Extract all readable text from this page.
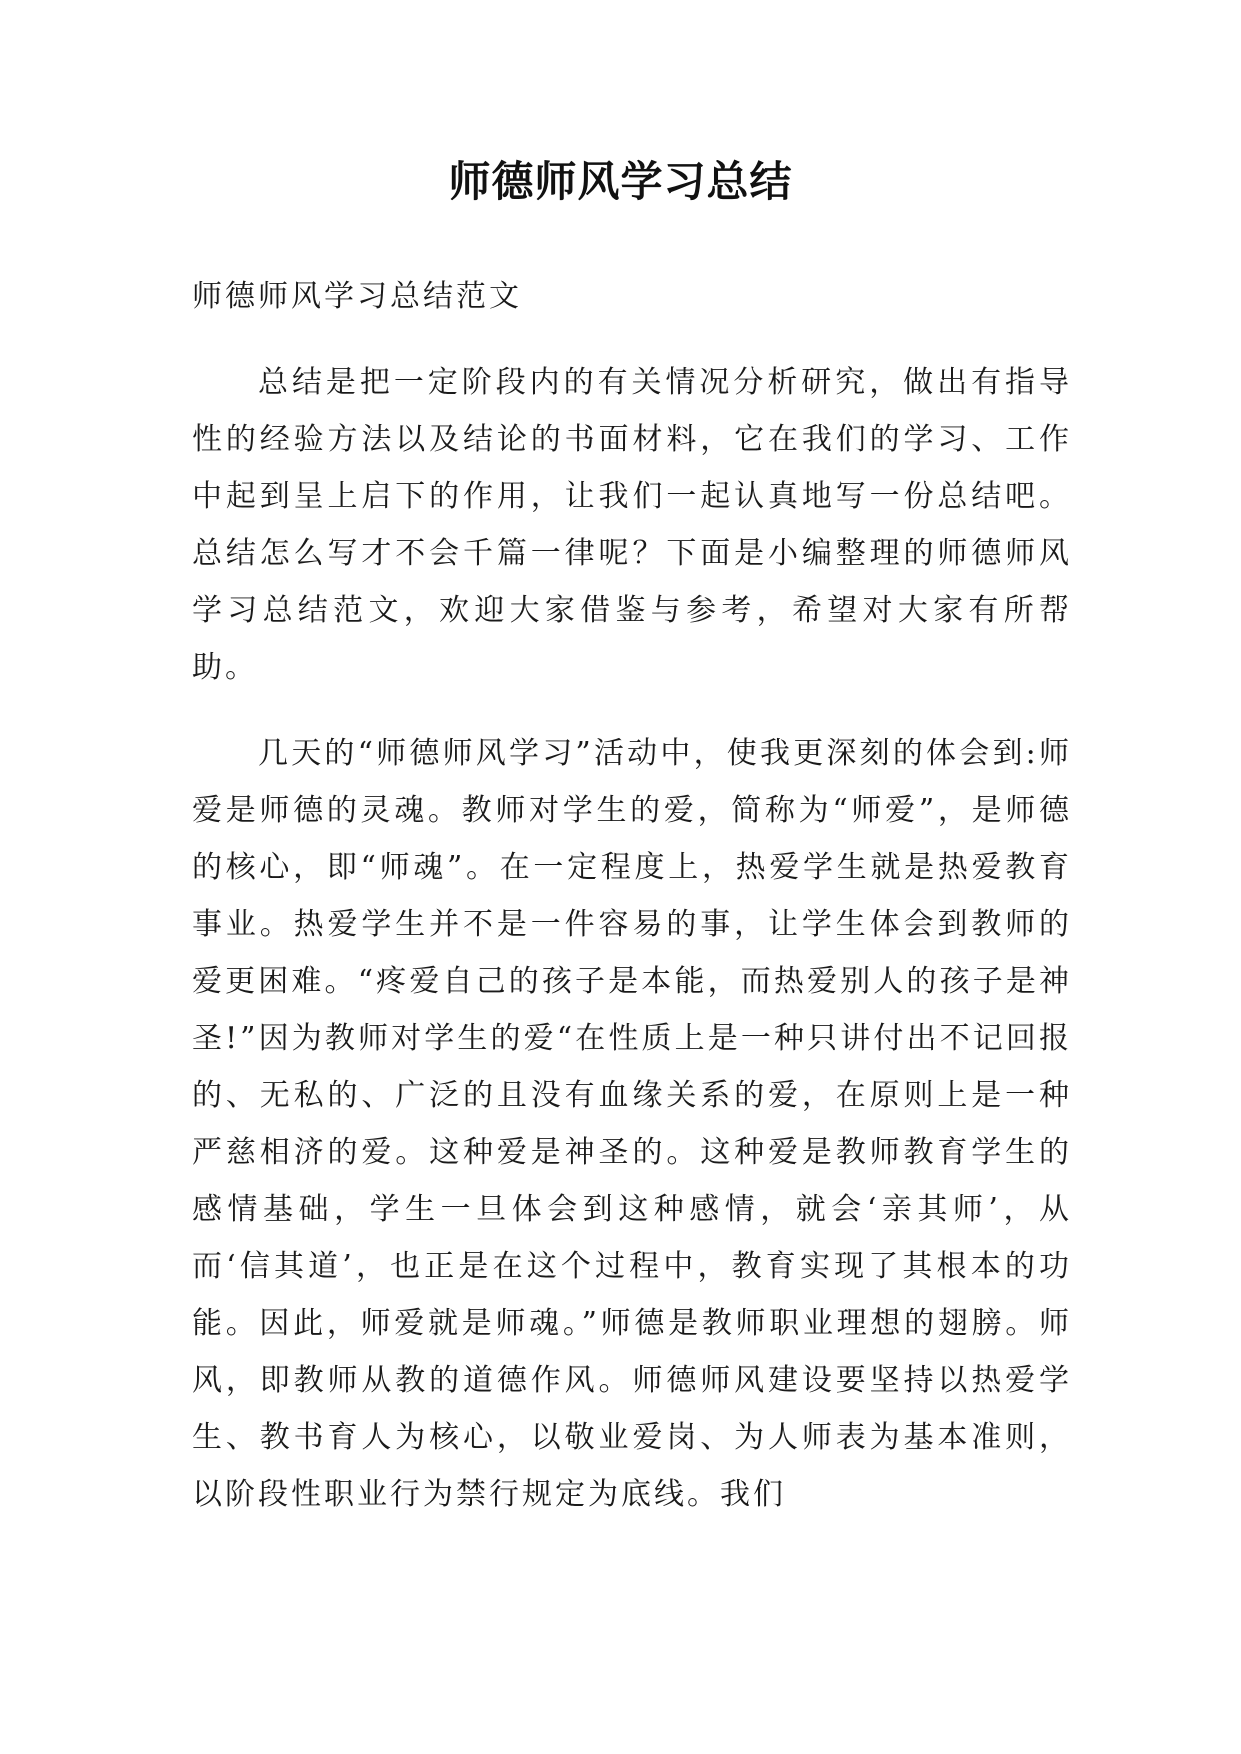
师德师风学习总结
师德师风学习总结范文

总结是把一定阶段内的有关情况分析研究，做出有指导性的经验方法以及结论的书面材料，它在我们的学习、工作中起到呈上启下的作用，让我们一起认真地写一份总结吧。总结怎么写才不会千篇一律呢？下面是小编整理的师德师风学习总结范文，欢迎大家借鉴与参考，希望对大家有所帮助。

几天的“师德师风学习”活动中，使我更深刻的体会到:师爱是师德的灵魂。教师对学生的爱，简称为“师爱”，是师德的核心，即“师魂”。在一定程度上，热爱学生就是热爱教育事业。热爱学生并不是一件容易的事，让学生体会到教师的爱更困难。“疼爱自己的孩子是本能，而热爱别人的孩子是神圣!”因为教师对学生的爱“在性质上是一种只讲付出不记回报的、无私的、广泛的且没有血缘关系的爱，在原则上是一种严慈相济的爱。这种爱是神圣的。这种爱是教师教育学生的感情基础，学生一旦体会到这种感情，就会‘亲其师’，从而‘信其道’，也正是在这个过程中，教育实现了其根本的功能。因此，师爱就是师魂。”师德是教师职业理想的翅膀。师风，即教师从教的道德作风。师德师风建设要坚持以热爱学生、教书育人为核心，以敬业爱岗、为人师表为基本准则，以阶段性职业行为禁行规定为底线。我们
